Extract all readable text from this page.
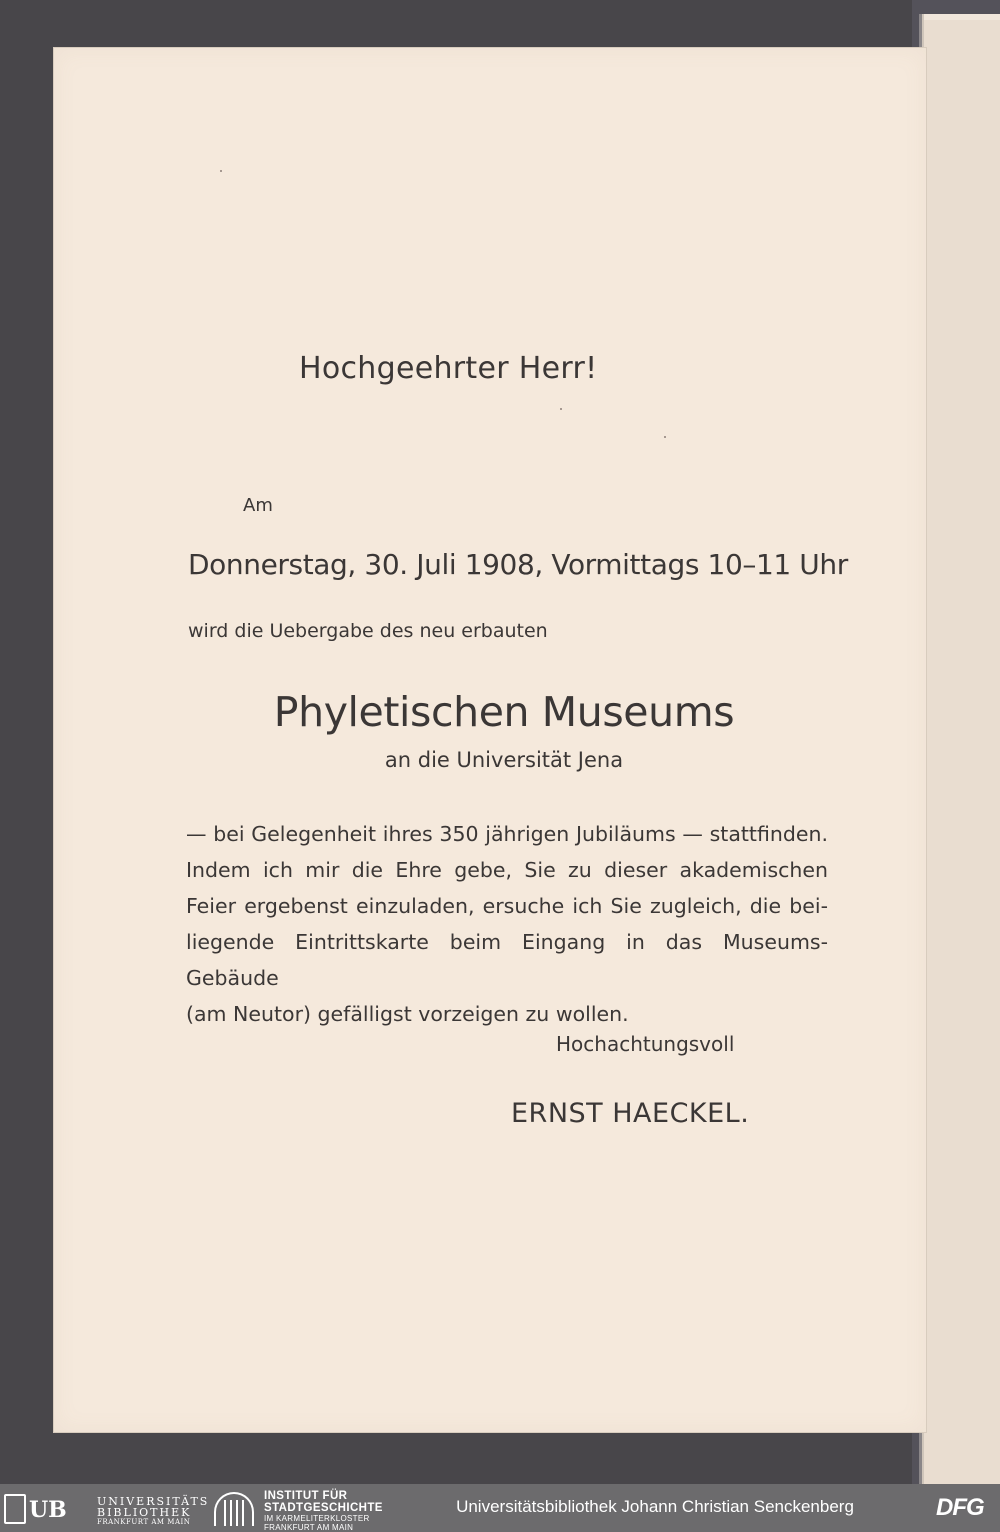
Hochgeehrter Herr!
Am
Donnerstag, 30. Juli 1908, Vormittags 10–11 Uhr
wird die Uebergabe des neu erbauten
Phyletischen Museums
an die Universität Jena
— bei Gelegenheit ihres 350 jährigen Jubiläums — stattfinden.
Indem ich mir die Ehre gebe, Sie zu dieser akademischen
Feier ergebenst einzuladen, ersuche ich Sie zugleich, die bei-
liegende Eintrittskarte beim Eingang in das Museums-Gebäude
(am Neutor) gefälligst vorzeigen zu wollen.
Hochachtungsvoll
ERNST HAECKEL.
UB	UNIVERSITÄTS
BIBLIOTHEK
FRANKFURT AM MAIN
INSTITUT FÜR
STADTGESCHICHTE
IM KARMELITERKLOSTER
FRANKFURT AM MAIN
Universitätsbibliothek Johann Christian Senckenberg	DFG
